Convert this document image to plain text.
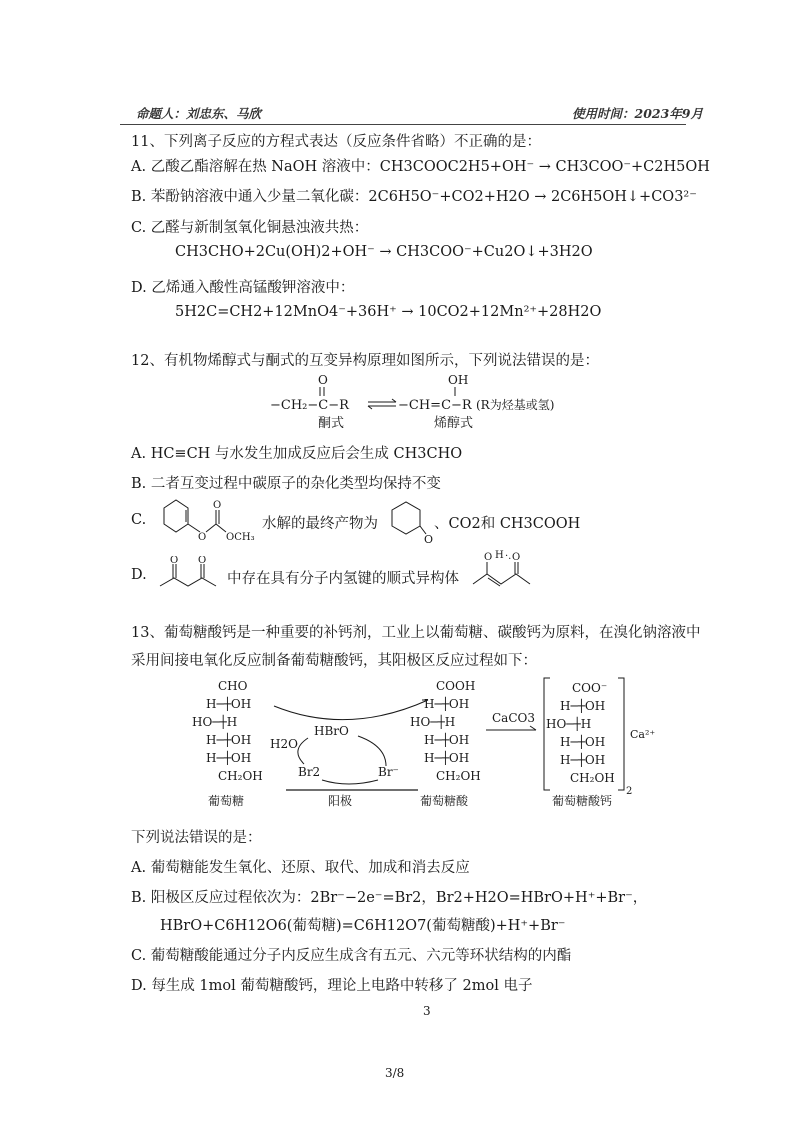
命题人：刘忠东、马欣	使用时间：2023年9月
11、下列离子反应的方程式表达（反应条件省略）不正确的是：
A. 乙酸乙酯溶解在热 NaOH 溶液中：CH3COOC2H5+OH⁻ → CH3COO⁻+C2H5OH
B. 苯酚钠溶液中通入少量二氧化碳：2C6H5O⁻+CO2+H2O → 2C6H5OH↓+CO3²⁻
C. 乙醛与新制氢氧化铜悬浊液共热：
CH3CHO+2Cu(OH)2+OH⁻ → CH3COO⁻+Cu2O↓+3H2O
D. 乙烯通入酸性高锰酸钾溶液中：
5H2C=CH2+12MnO4⁻+36H⁺ → 10CO2+12Mn²⁺+28H2O
12、有机物烯醇式与酮式的互变异构原理如图所示，下列说法错误的是：
O
−CH₂−C−R
OH
−CH=C−R (R为烃基或氢)
酮式	烯醇式
A. HC≡CH 与水发生加成反应后会生成 CH3CHO
B. 二者互变过程中碳原子的杂化类型均保持不变
C.
O
O
OCH₃
水解的最终产物为
O
、CO2和 CH3COOH
D.
O O
中存在具有分子内氢键的顺式异构体
O H ·. O
13、葡萄糖酸钙是一种重要的补钙剂，工业上以葡萄糖、碳酸钙为原料，在溴化钠溶液中
采用间接电氧化反应制备葡萄糖酸钙，其阳极区反应过程如下：
CHO
H─┼OH
HO─┼H
H─┼OH
H─┼OH
CH₂OH
葡萄糖
HBrO
H2O
Br2	Br⁻
阳极
COOH
H─┼OH
HO─┼H
H─┼OH
H─┼OH
CH₂OH
葡萄糖酸
CaCO3
COO⁻
H─┼OH
HO─┼H
H─┼OH
H─┼OH
CH₂OH
2
Ca²⁺
葡萄糖酸钙
下列说法错误的是：
A. 葡萄糖能发生氧化、还原、取代、加成和消去反应
B. 阳极区反应过程依次为：2Br⁻−2e⁻=Br2，Br2+H2O=HBrO+H⁺+Br⁻，
HBrO+C6H12O6(葡萄糖)=C6H12O7(葡萄糖酸)+H⁺+Br⁻
C. 葡萄糖酸能通过分子内反应生成含有五元、六元等环状结构的内酯
D. 每生成 1mol 葡萄糖酸钙，理论上电路中转移了 2mol 电子
3
3/8
